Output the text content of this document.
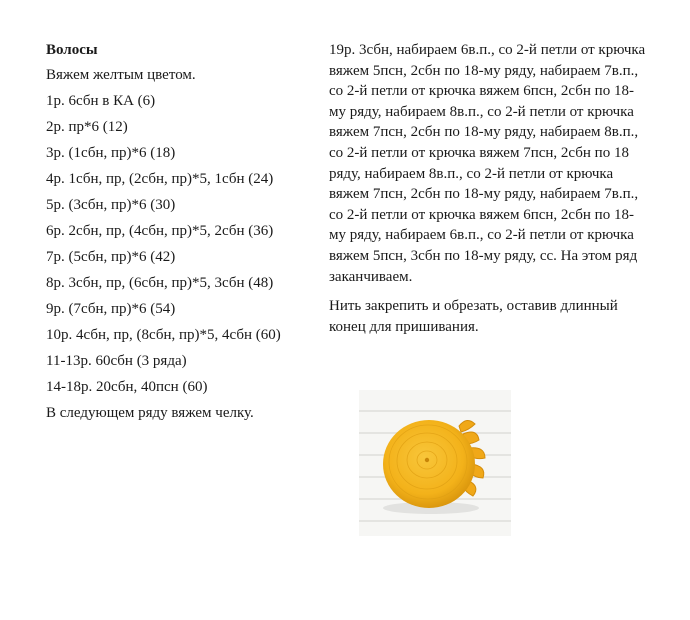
Волосы

Вяжем желтым цветом.

1р. 6сбн в КА (6)

2р. пр*6 (12)

3р. (1сбн, пр)*6 (18)

4р. 1сбн, пр, (2сбн, пр)*5, 1сбн (24)

5р. (3сбн, пр)*6 (30)

6р. 2сбн, пр, (4сбн, пр)*5, 2сбн (36)

7р. (5сбн, пр)*6 (42)

8р. 3сбн, пр, (6сбн, пр)*5, 3сбн (48)

9р. (7сбн, пр)*6 (54)

10р. 4сбн, пр, (8сбн, пр)*5, 4сбн (60)

11-13р. 60сбн (3 ряда)

14-18р. 20сбн, 40псн (60)

В следующем ряду вяжем челку.

19р. 3сбн, набираем 6в.п., со 2-й петли от крючка вяжем 5псн, 2сбн по 18-му ряду, набираем 7в.п., со 2-й петли от крючка вяжем 6псн, 2сбн по 18-му ряду, набираем 8в.п., со 2-й петли от крючка вяжем 7псн, 2сбн по 18-му ряду, набираем 8в.п., со 2-й петли от крючка вяжем 7псн, 2сбн по 18 ряду, набираем 8в.п., со 2-й петли от крючка вяжем 7псн, 2сбн по 18-му ряду, набираем 7в.п., со 2-й петли от крючка вяжем 6псн, 2сбн по 18-му ряду, набираем 6в.п., со 2-й петли от крючка вяжем 5псн, 3сбн по 18-му ряду, сс. На этом ряд заканчиваем.

Нить закрепить и обрезать, оставив длинный конец для пришивания.
